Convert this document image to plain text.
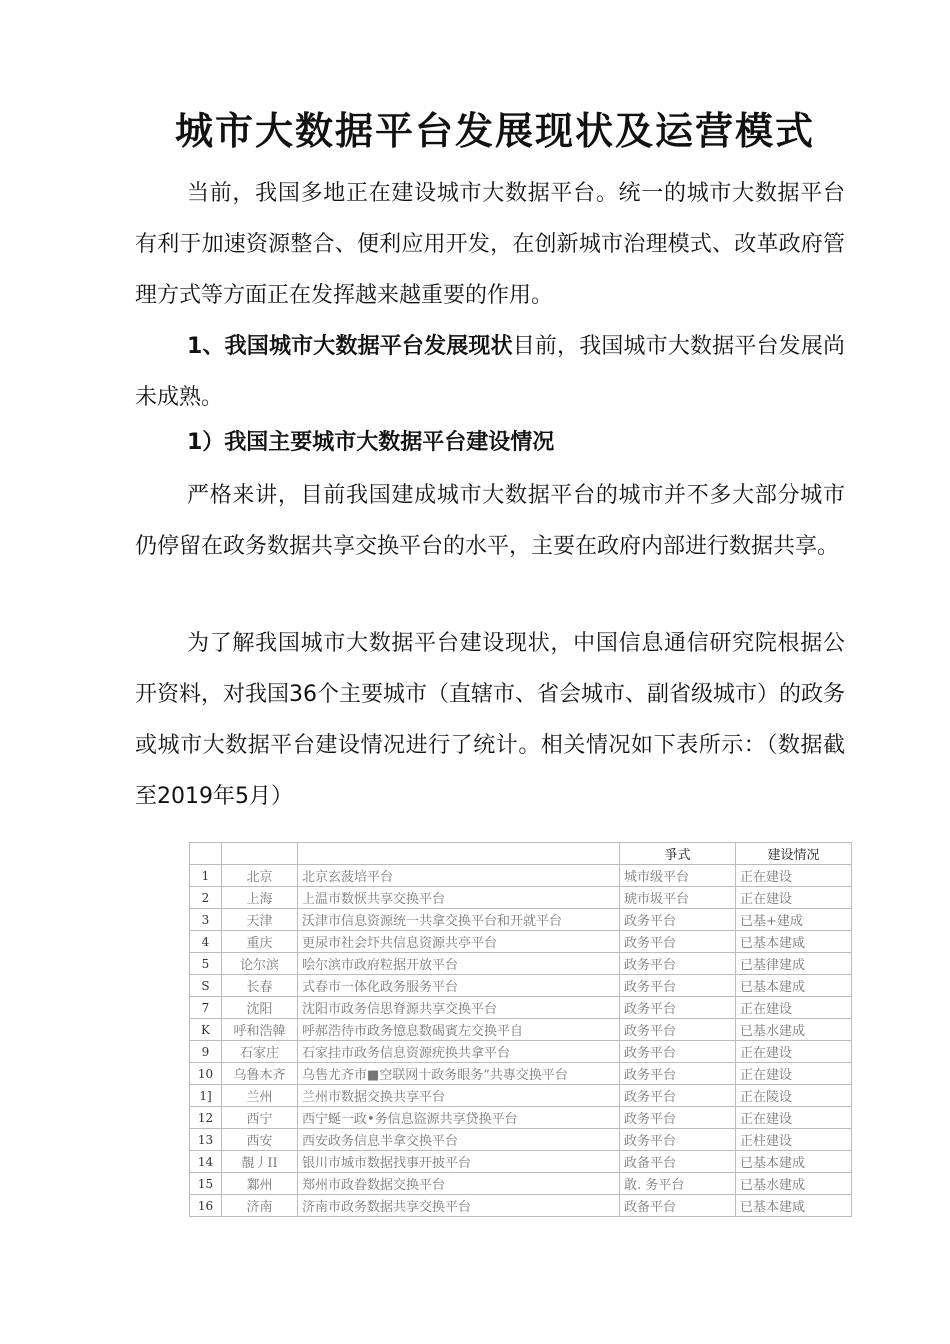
城市大数据平台发展现状及运营模式

当前，我国多地正在建设城市大数据平台。统一的城市大数据平台有利于加速资源整合、便利应用开发，在创新城市治理模式、改革政府管理方式等方面正在发挥越来越重要的作用。

1、我国城市大数据平台发展现状目前，我国城市大数据平台发展尚未成熟。

1）我国主要城市大数据平台建设情况

严格来讲，目前我国建成城市大数据平台的城市并不多大部分城市仍停留在政务数据共享交换平台的水平，主要在政府内部进行数据共享。

为了解我国城市大数据平台建设现状，中国信息通信研究院根据公开资料，对我国36个主要城市（直辖市、省会城市、副省级城市）的政务或城市大数据平台建设情况进行了统计。相关情况如下表所示：（数据截至2019年5月）

			爭式	建设情况
1	北京	北京玄菠培平台	城市级平台	正在建设
2	上海	上温市数恹共享交换平台	琥市圾平台	正在建设
3	天津	沃津市信息资源统一共拿交换平台和开就平台	政务平台	已基+建成
4	重庆	更尿市社会圷共信息资源共亭平台	政务平台	已基本建咸
5	论尔滨	哙尔滨市政府粒据开放平台	政务平台	已基律建成
S	长春	式春市一体化政务服务平台	政务平台	已基本建成
7	沈阳	沈阳市政务信思脊源共享交换平台	政务平台	正在建设
K	呼和浩韓	呼郝浩待市政务憶息数碣賓左交换平自	政务平台	已基水建成
9	石家庄	石家挂市政务信息资源疣换共拿平台	政务平台	正在建设
10	乌鲁木齐	乌售尤齐市■空联网十政务眼务”共專交换平台	政务平台	正在建设
1]	兰州	兰州市数据交换共享平台	政务平台	正在陵设
12	西宁	西宁蜒一政•务信息盜源共享贷换平台	政务平台	正在建设
13	西安	西安政务信息半拿交换平台	政务平台	正柱建设
14	靚丿II	银川市城市数据找事开披平台	政备平台	已基本建成
15	鄴州	郑州市政眷数据交换平台	敢. 务平台	已基水建成
16	济南	济南市政务数据共享交换平台	政备平台	已基本建咸
